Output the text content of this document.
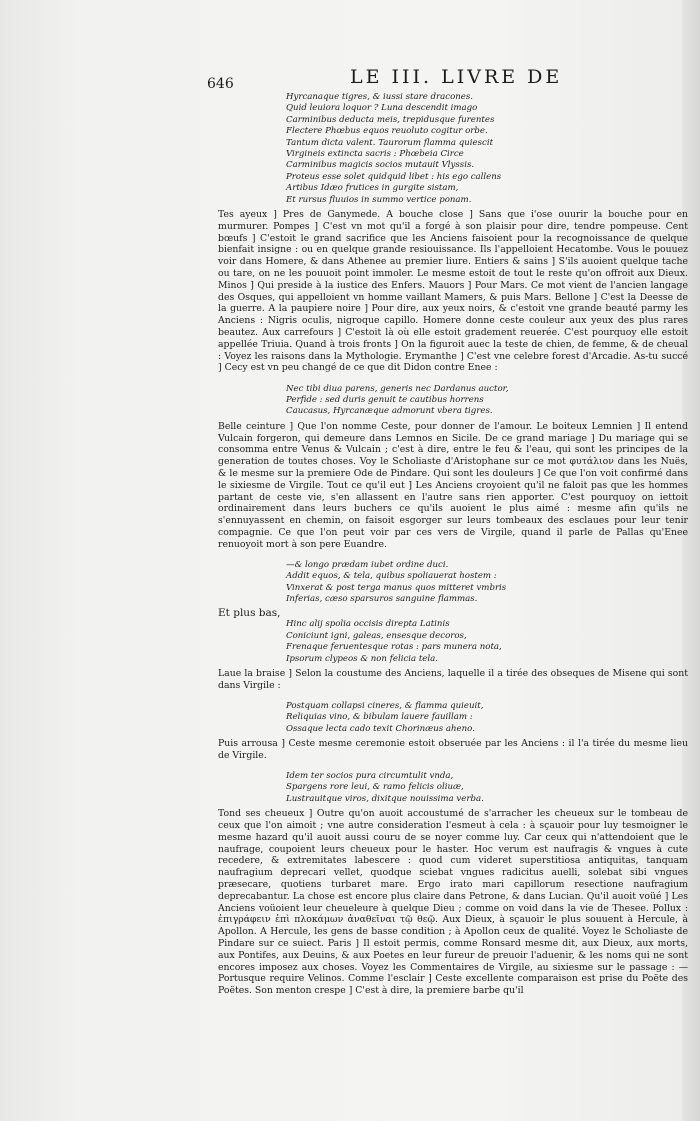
646	LE III. LIVRE DE
Hyrcanaque tigres, & iussi stare dracones.
Quid leuiora loquor ? Luna descendit imago
Carminibus deducta meis, trepidusque furentes
Flectere Phœbus equos reuoluto cogitur orbe.
Tantum dicta valent. Taurorum flamma quiescit
Virgineis extincta sacris : Phœbeia Circe
Carminibus magicis socios mutauit Vlyssis.
Proteus esse solet quidquid libet : his ego callens
Artibus Idæo frutices in gurgite sistam,
Et rursus fluuios in summo vertice ponam.

Tes ayeux ] Pres de Ganymede. A bouche close ] Sans que i'ose ouurir la bouche pour en murmurer. Pompes ] C'est vn mot qu'il a forgé à son plaisir pour dire, tendre pompeuse. Cent bœufs ] C'estoit le grand sacrifice que les Anciens faisoient pour la recognoissance de quelque bienfait insigne : ou en quelque grande resiouissance. Ils l'appelloient Hecatombe. Vous le pouuez voir dans Homere, & dans Athenee au premier liure. Entiers & sains ] S'ils auoient quelque tache ou tare, on ne les pouuoit point immoler. Le mesme estoit de tout le reste qu'on offroit aux Dieux. Minos ] Qui preside à la iustice des Enfers. Mauors ] Pour Mars. Ce mot vient de l'ancien langage des Osques, qui appelloient vn homme vaillant Mamers, & puis Mars. Bellone ] C'est la Deesse de la guerre. A la paupiere noire ] Pour dire, aux yeux noirs, & c'estoit vne grande beauté parmy les Anciens : Nigris oculis, nigroque capillo. Homere donne ceste couleur aux yeux des plus rares beautez. Aux carrefours ] C'estoit là où elle estoit gradement reuerée. C'est pourquoy elle estoit appellée Triuia. Quand à trois fronts ] On la figuroit auec la teste de chien, de femme, & de cheual : Voyez les raisons dans la Mythologie. Erymanthe ] C'est vne celebre forest d'Arcadie. As-tu succé ] Cecy est vn peu changé de ce que dit Didon contre Enee :

Nec tibi diua parens, generis nec Dardanus auctor,
Perfide : sed duris genuit te cautibus horrens
Caucasus, Hyrcanæque admorunt vbera tigres.

Belle ceinture ] Que l'on nomme Ceste, pour donner de l'amour. Le boiteux Lemnien ] Il entend Vulcain forgeron, qui demeure dans Lemnos en Sicile. De ce grand mariage ] Du mariage qui se consomma entre Venus & Vulcain ; c'est à dire, entre le feu & l'eau, qui sont les principes de la generation de toutes choses. Voy le Scholiaste d'Aristophane sur ce mot φυτάλιον dans les Nuës, & le mesme sur la premiere Ode de Pindare. Qui sont les douleurs ] Ce que l'on voit confirmé dans le sixiesme de Virgile. Tout ce qu'il eut ] Les Anciens croyoient qu'il ne faloit pas que les hommes partant de ceste vie, s'en allassent en l'autre sans rien apporter. C'est pourquoy on iettoit ordinairement dans leurs buchers ce qu'ils auoient le plus aimé : mesme afin qu'ils ne s'ennuyassent en chemin, on faisoit esgorger sur leurs tombeaux des esclaues pour leur tenir compagnie. Ce que l'on peut voir par ces vers de Virgile, quand il parle de Pallas qu'Enee renuoyoit mort à son pere Euandre.

—& longo prædam iubet ordine duci.
Addit equos, & tela, quibus spoliauerat hostem :
Vinxerat & post terga manus quos mitteret vmbris
Inferias, cæso sparsuros sanguine flammas.
Et plus bas,
Hinc alij spolia occisis direpta Latinis
Coniciunt igni, galeas, ensesque decoros,
Frenaque feruentesque rotas : pars munera nota,
Ipsorum clypeos & non felicia tela.

Laue la braise ] Selon la coustume des Anciens, laquelle il a tirée des obseques de Misene qui sont dans Virgile :

Postquam collapsi cineres, & flamma quieuit,
Reliquias vino, & bibulam lauere fauillam :
Ossaque lecta cado texit Chorinæus aheno.

Puis arrousa ] Ceste mesme ceremonie estoit obseruée par les Anciens : il l'a tirée du mesme lieu de Virgile.

Idem ter socios pura circumtulit vnda,
Spargens rore leui, & ramo felicis oliuæ,
Lustrauitque viros, dixitque nouissima verba.

Tond ses cheueux ] Outre qu'on auoit accoustumé de s'arracher les cheueux sur le tombeau de ceux que l'on aimoit ; vne autre consideration l'esmeut à cela : à sçauoir pour luy tesmoigner le mesme hazard qu'il auoit aussi couru de se noyer comme luy. Car ceux qui n'attendoient que le naufrage, coupoient leurs cheueux pour le haster. Hoc verum est naufragis & vngues à cute recedere, & extremitates labescere : quod cum videret superstitiosa antiquitas, tanquam naufragium deprecari vellet, quodque sciebat vngues radicitus auelli, solebat sibi vngues præsecare, quotiens turbaret mare. Ergo irato mari capillorum resectione naufragium deprecabantur. La chose est encore plus claire dans Petrone, & dans Lucian. Qu'il auoit voüé ] Les Anciens voüoient leur cheueleure à quelque Dieu ; comme on void dans la vie de Thesee. Pollux : ἐπιγράφειν ἐπὶ πλοκάμων ἀναθεῖναι τῷ θεῷ. Aux Dieux, à sçauoir le plus souuent à Hercule, à Apollon. A Hercule, les gens de basse condition ; à Apollon ceux de qualité. Voyez le Scholiaste de Pindare sur ce suiect. Paris ] Il estoit permis, comme Ronsard mesme dit, aux Dieux, aux morts, aux Pontifes, aux Deuins, & aux Poetes en leur fureur de preuoir l'aduenir, & les noms qui ne sont encores imposez aux choses. Voyez les Commentaires de Virgile, au sixiesme sur le passage : —Portusque require Velinos. Comme l'esclair ] Ceste excellente comparaison est prise du Poëte des Poëtes. Son menton crespe ] C'est à dire, la premiere barbe qu'il
